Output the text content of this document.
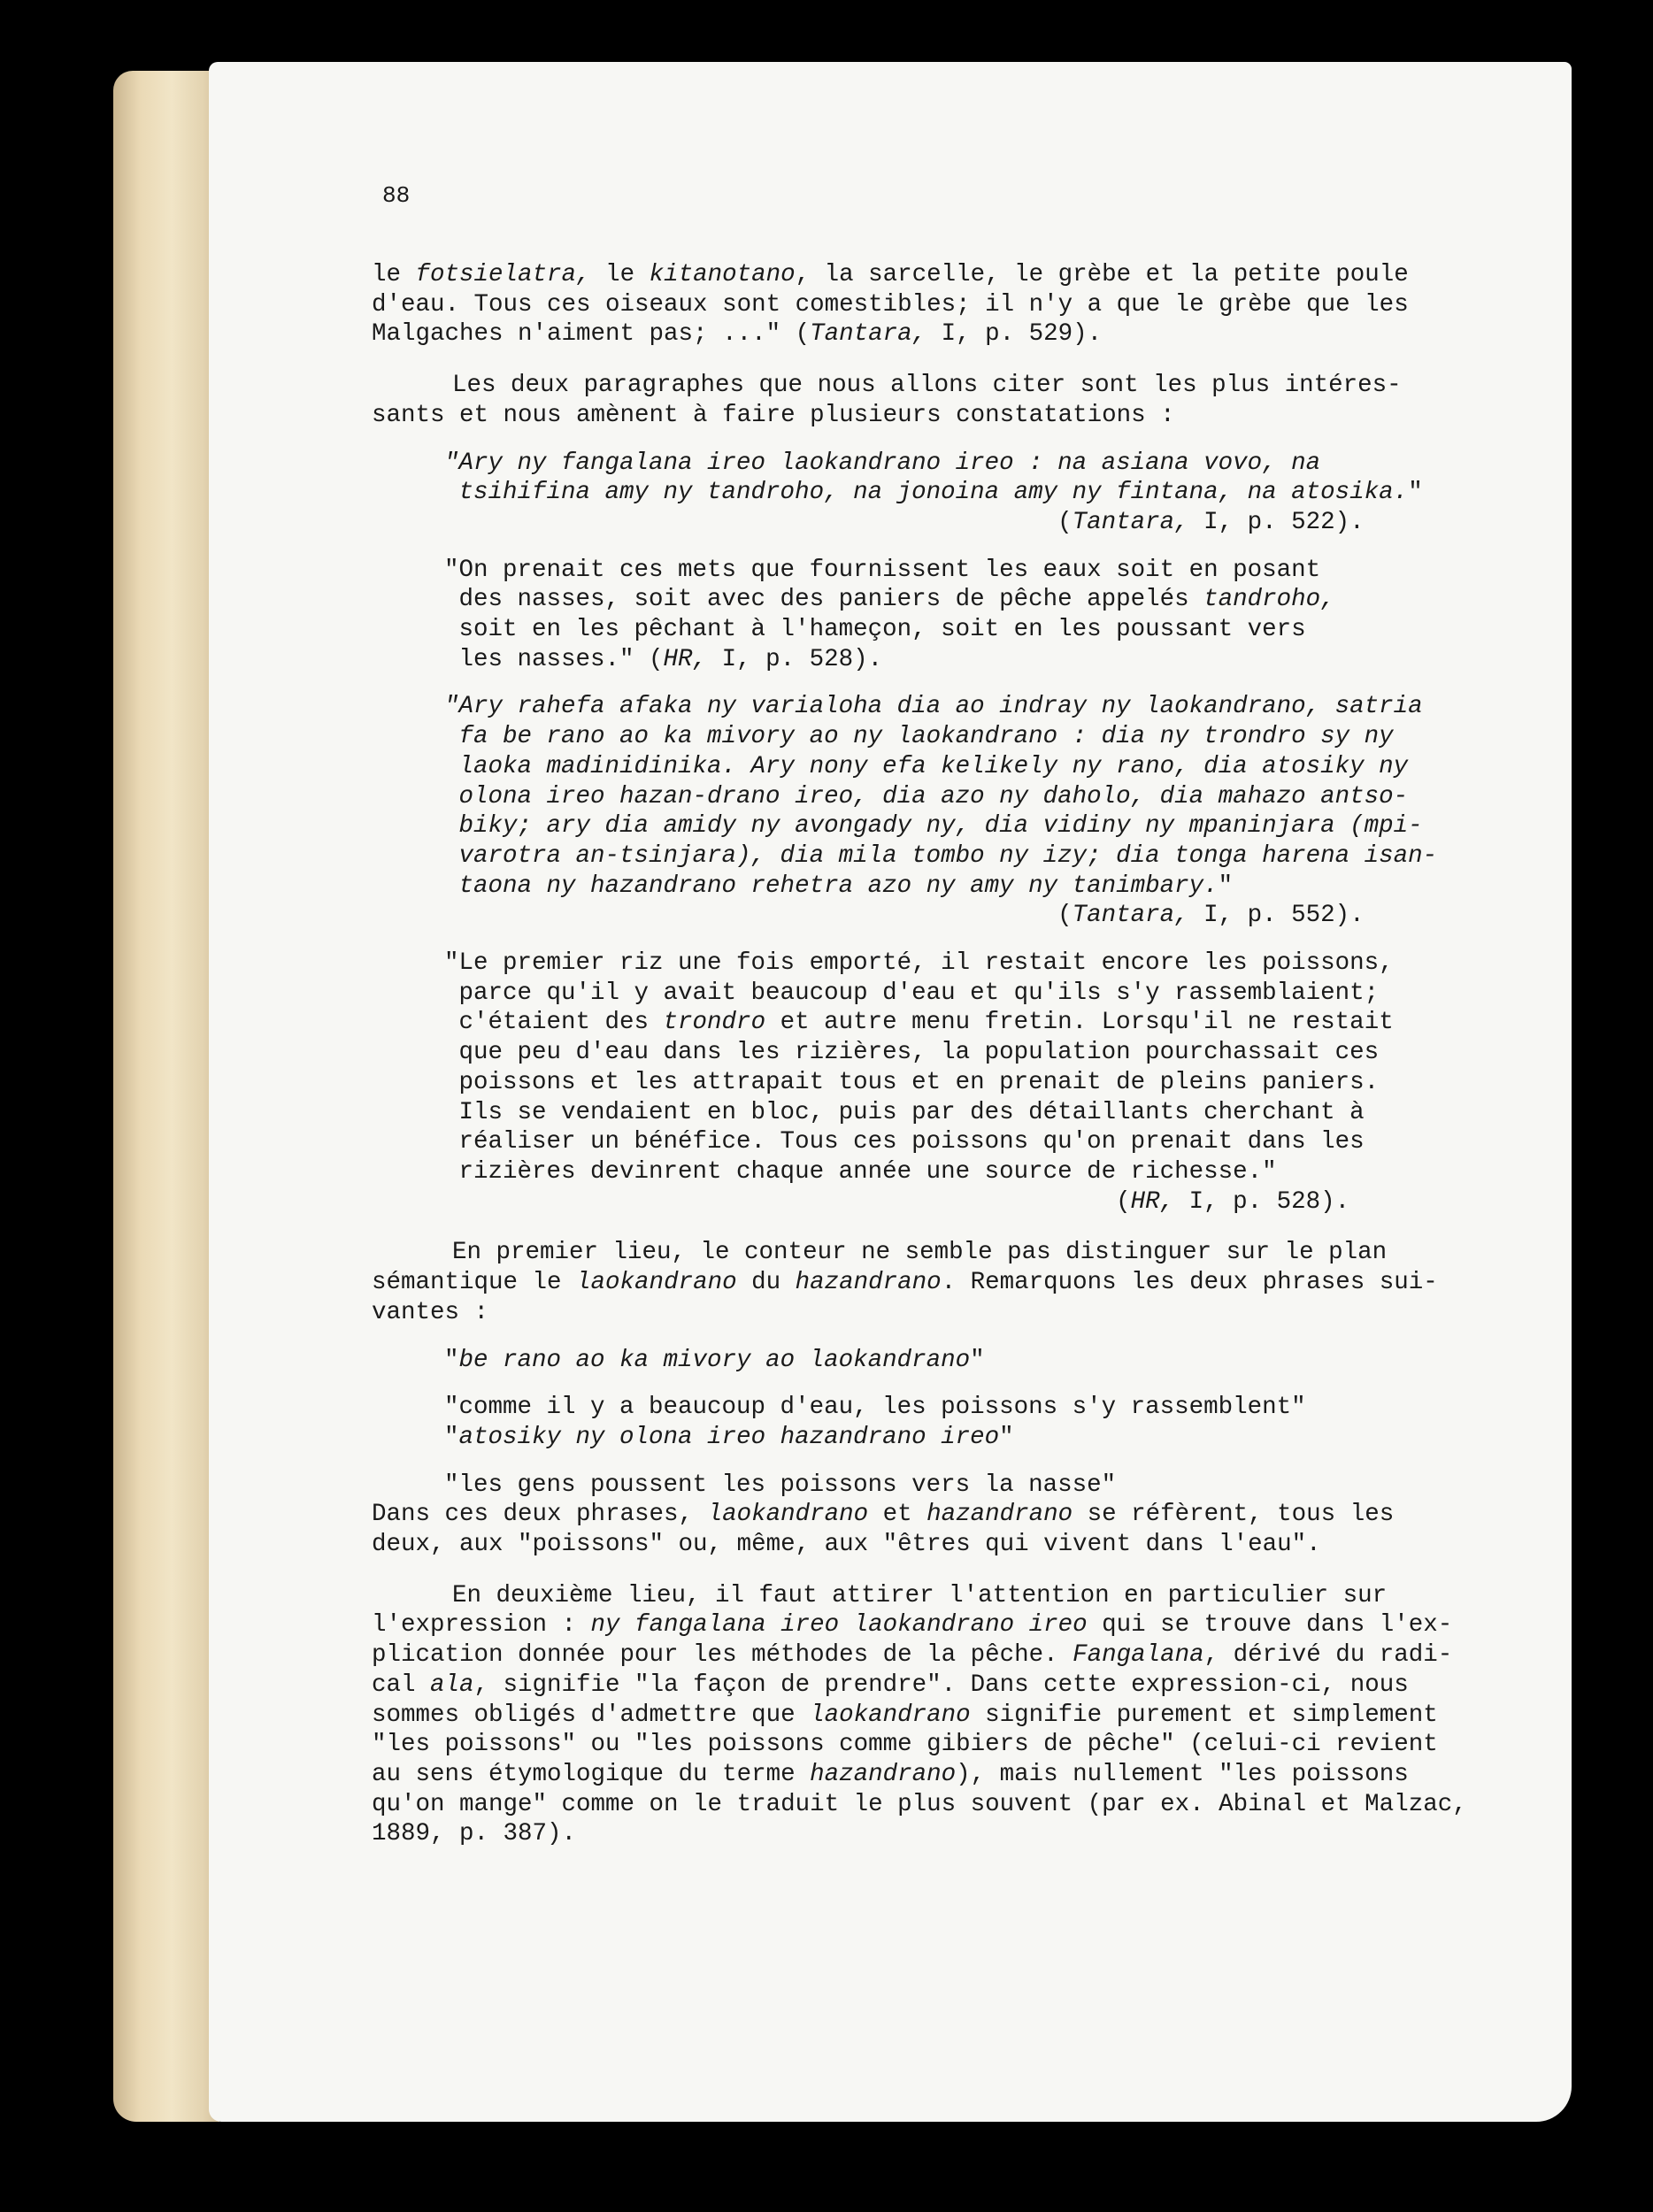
88
le fotsielatra, le kitanotano, la sarcelle, le grèbe et la petite poule
d'eau. Tous ces oiseaux sont comestibles; il n'y a que le grèbe que les
Malgaches n'aiment pas; ..." (Tantara, I, p. 529).
Les deux paragraphes que nous allons citer sont les plus intéres-
sants et nous amènent à faire plusieurs constatations :
"Ary ny fangalana ireo laokandrano ireo : na asiana vovo, na
tsihifina amy ny tandroho, na jonoina amy ny fintana, na atosika."
(Tantara, I, p. 522).
"On prenait ces mets que fournissent les eaux soit en posant
des nasses, soit avec des paniers de pêche appelés tandroho,
soit en les pêchant à l'hameçon, soit en les poussant vers
les nasses." (HR, I, p. 528).
"Ary rahefa afaka ny varialoha dia ao indray ny laokandrano, satria
fa be rano ao ka mivory ao ny laokandrano : dia ny trondro sy ny
laoka madinidinika. Ary nony efa kelikely ny rano, dia atosiky ny
olona ireo hazan-drano ireo, dia azo ny daholo, dia mahazo antso-
biky; ary dia amidy ny avongady ny, dia vidiny ny mpaninjara (mpi-
varotra an-tsinjara), dia mila tombo ny izy; dia tonga harena isan-
taona ny hazandrano rehetra azo ny amy ny tanimbary."
(Tantara, I, p. 552).
"Le premier riz une fois emporté, il restait encore les poissons,
parce qu'il y avait beaucoup d'eau et qu'ils s'y rassemblaient;
c'étaient des trondro et autre menu fretin. Lorsqu'il ne restait
que peu d'eau dans les rizières, la population pourchassait ces
poissons et les attrapait tous et en prenait de pleins paniers.
Ils se vendaient en bloc, puis par des détaillants cherchant à
réaliser un bénéfice. Tous ces poissons qu'on prenait dans les
rizières devinrent chaque année une source de richesse."
(HR, I, p. 528).
En premier lieu, le conteur ne semble pas distinguer sur le plan
sémantique le laokandrano du hazandrano. Remarquons les deux phrases sui-
vantes :
"be rano ao ka mivory ao laokandrano"
"comme il y a beaucoup d'eau, les poissons s'y rassemblent"
"atosiky ny olona ireo hazandrano ireo"
"les gens poussent les poissons vers la nasse"
Dans ces deux phrases, laokandrano et hazandrano se réfèrent, tous les
deux, aux "poissons" ou, même, aux "êtres qui vivent dans l'eau".
En deuxième lieu, il faut attirer l'attention en particulier sur
l'expression : ny fangalana ireo laokandrano ireo qui se trouve dans l'ex-
plication donnée pour les méthodes de la pêche. Fangalana, dérivé du radi-
cal ala, signifie "la façon de prendre". Dans cette expression-ci, nous
sommes obligés d'admettre que laokandrano signifie purement et simplement
"les poissons" ou "les poissons comme gibiers de pêche" (celui-ci revient
au sens étymologique du terme hazandrano), mais nullement "les poissons
qu'on mange" comme on le traduit le plus souvent (par ex. Abinal et Malzac,
1889, p. 387).
